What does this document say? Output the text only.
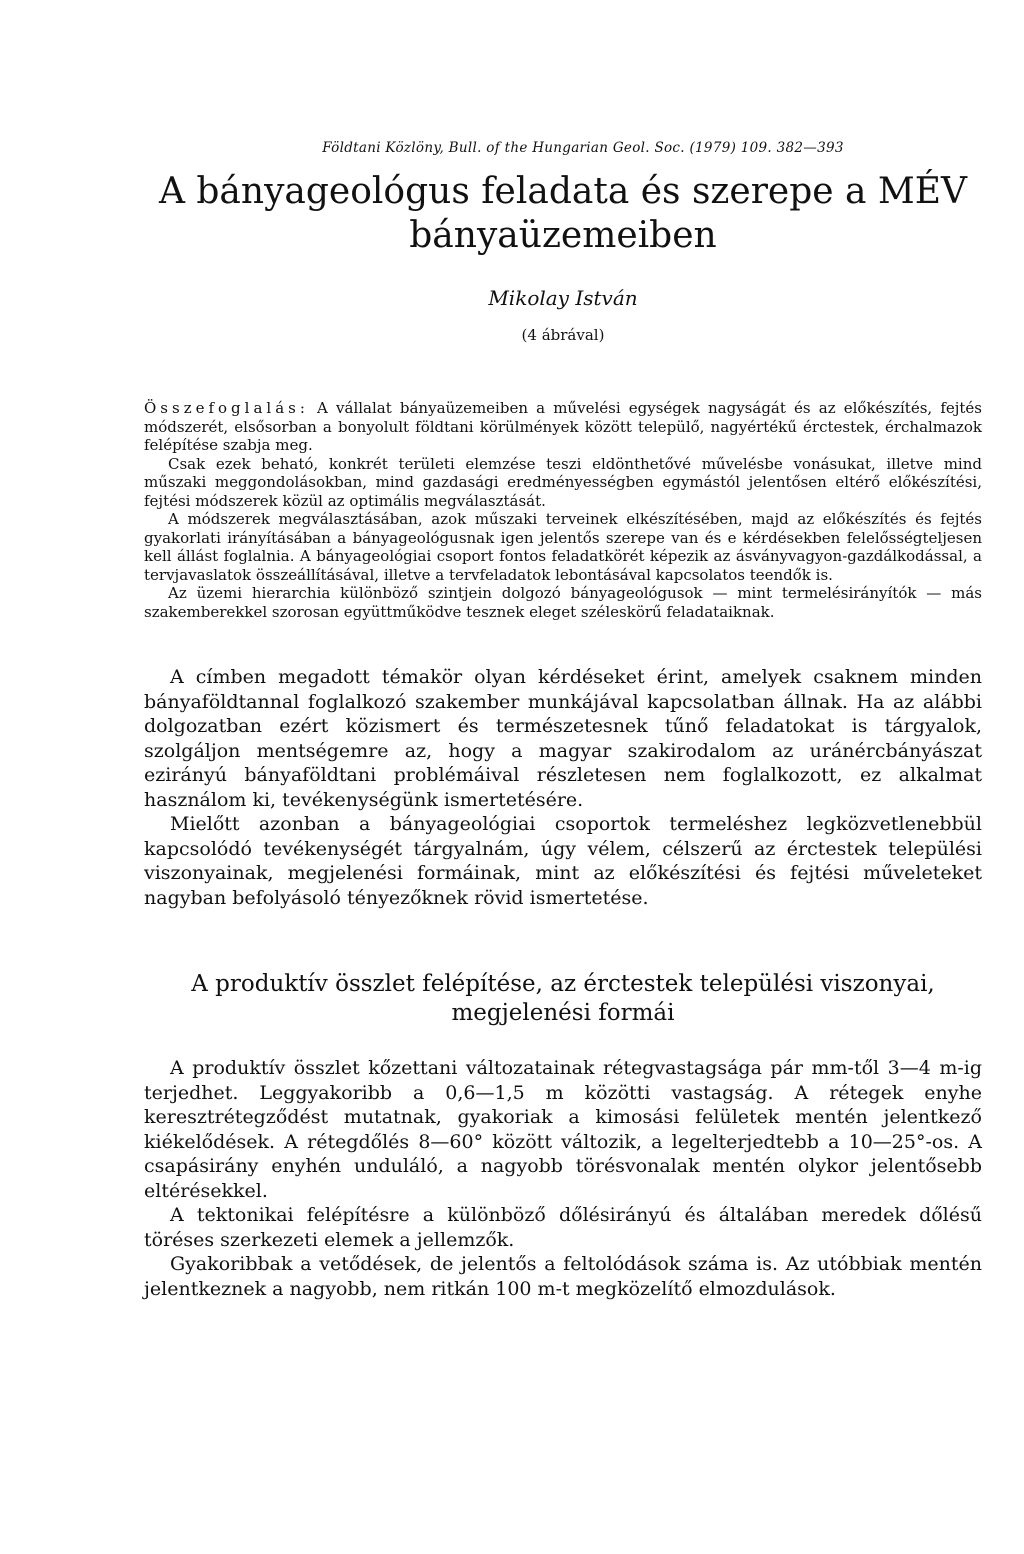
Földtani Közlöny, Bull. of the Hungarian Geol. Soc. (1979) 109. 382—393
A bányageológus feladata és szerepe a MÉV bányaüzemeiben
Mikolay István
(4 ábrával)

Összefoglalás: A vállalat bányaüzemeiben a művelési egységek nagyságát és az előkészítés, fejtés módszerét, elsősorban a bonyolult földtani körülmények között települő, nagyértékű érctestek, érchalmazok felépítése szabja meg.

Csak ezek beható, konkrét területi elemzése teszi eldönthetővé művelésbe vonásukat, illetve mind műszaki meggondolásokban, mind gazdasági eredményességben egymástól jelentősen eltérő előkészítési, fejtési módszerek közül az optimális megválasztását.

A módszerek megválasztásában, azok műszaki terveinek elkészítésében, majd az előkészítés és fejtés gyakorlati irányításában a bányageológusnak igen jelentős szerepe van és e kérdésekben felelősségteljesen kell állást foglalnia. A bányageológiai csoport fontos feladatkörét képezik az ásványvagyon-gazdálkodással, a tervjavaslatok összeállításával, illetve a tervfeladatok lebontásával kapcsolatos teendők is.

Az üzemi hierarchia különböző szintjein dolgozó bányageológusok — mint termelésirányítók — más szakemberekkel szorosan együttműködve tesznek eleget széleskörű feladataiknak.

A címben megadott témakör olyan kérdéseket érint, amelyek csaknem minden bányaföldtannal foglalkozó szakember munkájával kapcsolatban állnak. Ha az alábbi dolgozatban ezért közismert és természetesnek tűnő feladatokat is tárgyalok, szolgáljon mentségemre az, hogy a magyar szakirodalom az uránércbányászat ezirányú bányaföldtani problémáival részletesen nem foglalkozott, ez alkalmat használom ki, tevékenységünk ismertetésére.

Mielőtt azonban a bányageológiai csoportok termeléshez legközvetlenebbül kapcsolódó tevékenységét tárgyalnám, úgy vélem, célszerű az érctestek települési viszonyainak, megjelenési formáinak, mint az előkészítési és fejtési műveleteket nagyban befolyásoló tényezőknek rövid ismertetése.

A produktív összlet felépítése, az érctestek települési viszonyai, megjelenési formái

A produktív összlet kőzettani változatainak rétegvastagsága pár mm-től 3—4 m-ig terjedhet. Leggyakoribb a 0,6—1,5 m közötti vastagság. A rétegek enyhe keresztrétegződést mutatnak, gyakoriak a kimosási felületek mentén jelentkező kiékelődések. A rétegdőlés 8—60° között változik, a legelterjedtebb a 10—25°-os. A csapásirány enyhén unduláló, a nagyobb törésvonalak mentén olykor jelentősebb eltérésekkel.

A tektonikai felépítésre a különböző dőlésirányú és általában meredek dőlésű töréses szerkezeti elemek a jellemzők.

Gyakoribbak a vetődések, de jelentős a feltolódások száma is. Az utóbbiak mentén jelentkeznek a nagyobb, nem ritkán 100 m-t megközelítő elmozdulások.
